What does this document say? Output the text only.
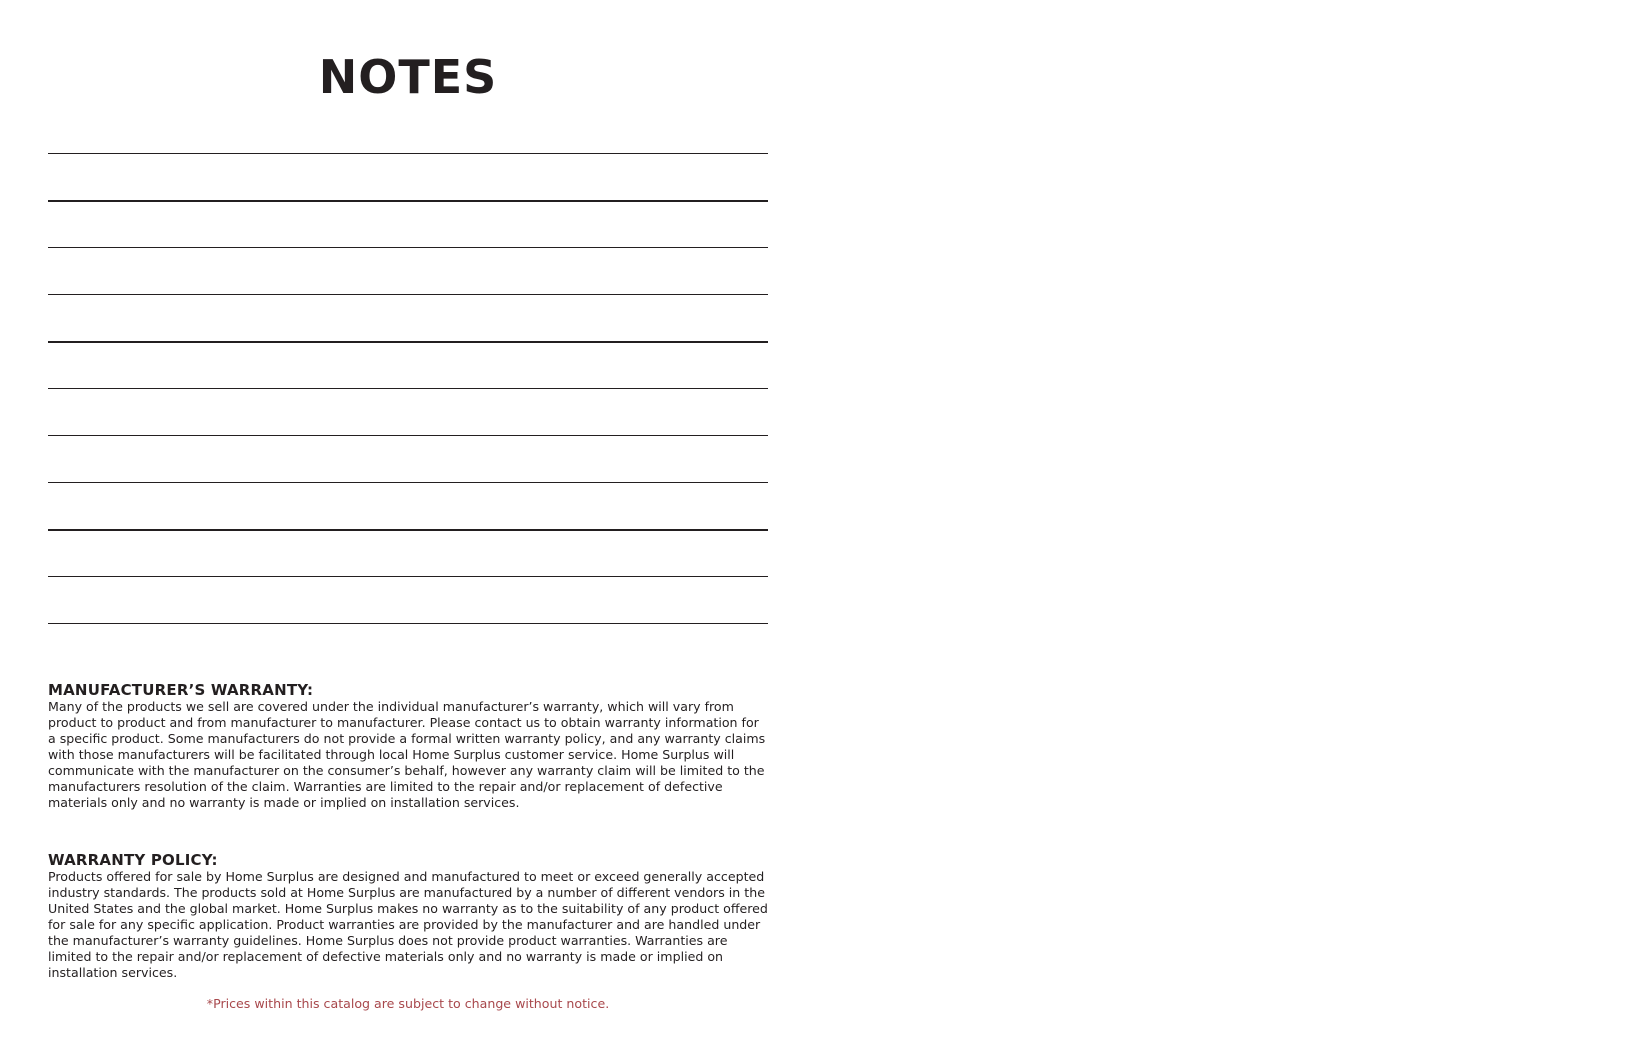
NOTES

MANUFACTURER’S WARRANTY:

Many of the products we sell are covered under the individual manufacturer’s warranty, which will vary from product to product and from manufacturer to manufacturer. Please contact us to obtain warranty information for a specific product. Some manufacturers do not provide a formal written warranty policy, and any warranty claims with those manufacturers will be facilitated through local Home Surplus customer service. Home Surplus will communicate with the manufacturer on the consumer’s behalf, however any warranty claim will be limited to the manufacturers resolution of the claim. Warranties are limited to the repair and/or replacement of defective materials only and no warranty is made or implied on installation services.

WARRANTY POLICY:

Products offered for sale by Home Surplus are designed and manufactured to meet or exceed generally accepted industry standards. The products sold at Home Surplus are manufactured by a number of different vendors in the United States and the global market. Home Surplus makes no warranty as to the suitability of any product offered for sale for any specific application. Product warranties are provided by the manufacturer and are handled under the manufacturer’s warranty guidelines. Home Surplus does not provide product warranties. Warranties are limited to the repair and/or replacement of defective materials only and no warranty is made or implied on installation services.

*Prices within this catalog are subject to change without notice.
